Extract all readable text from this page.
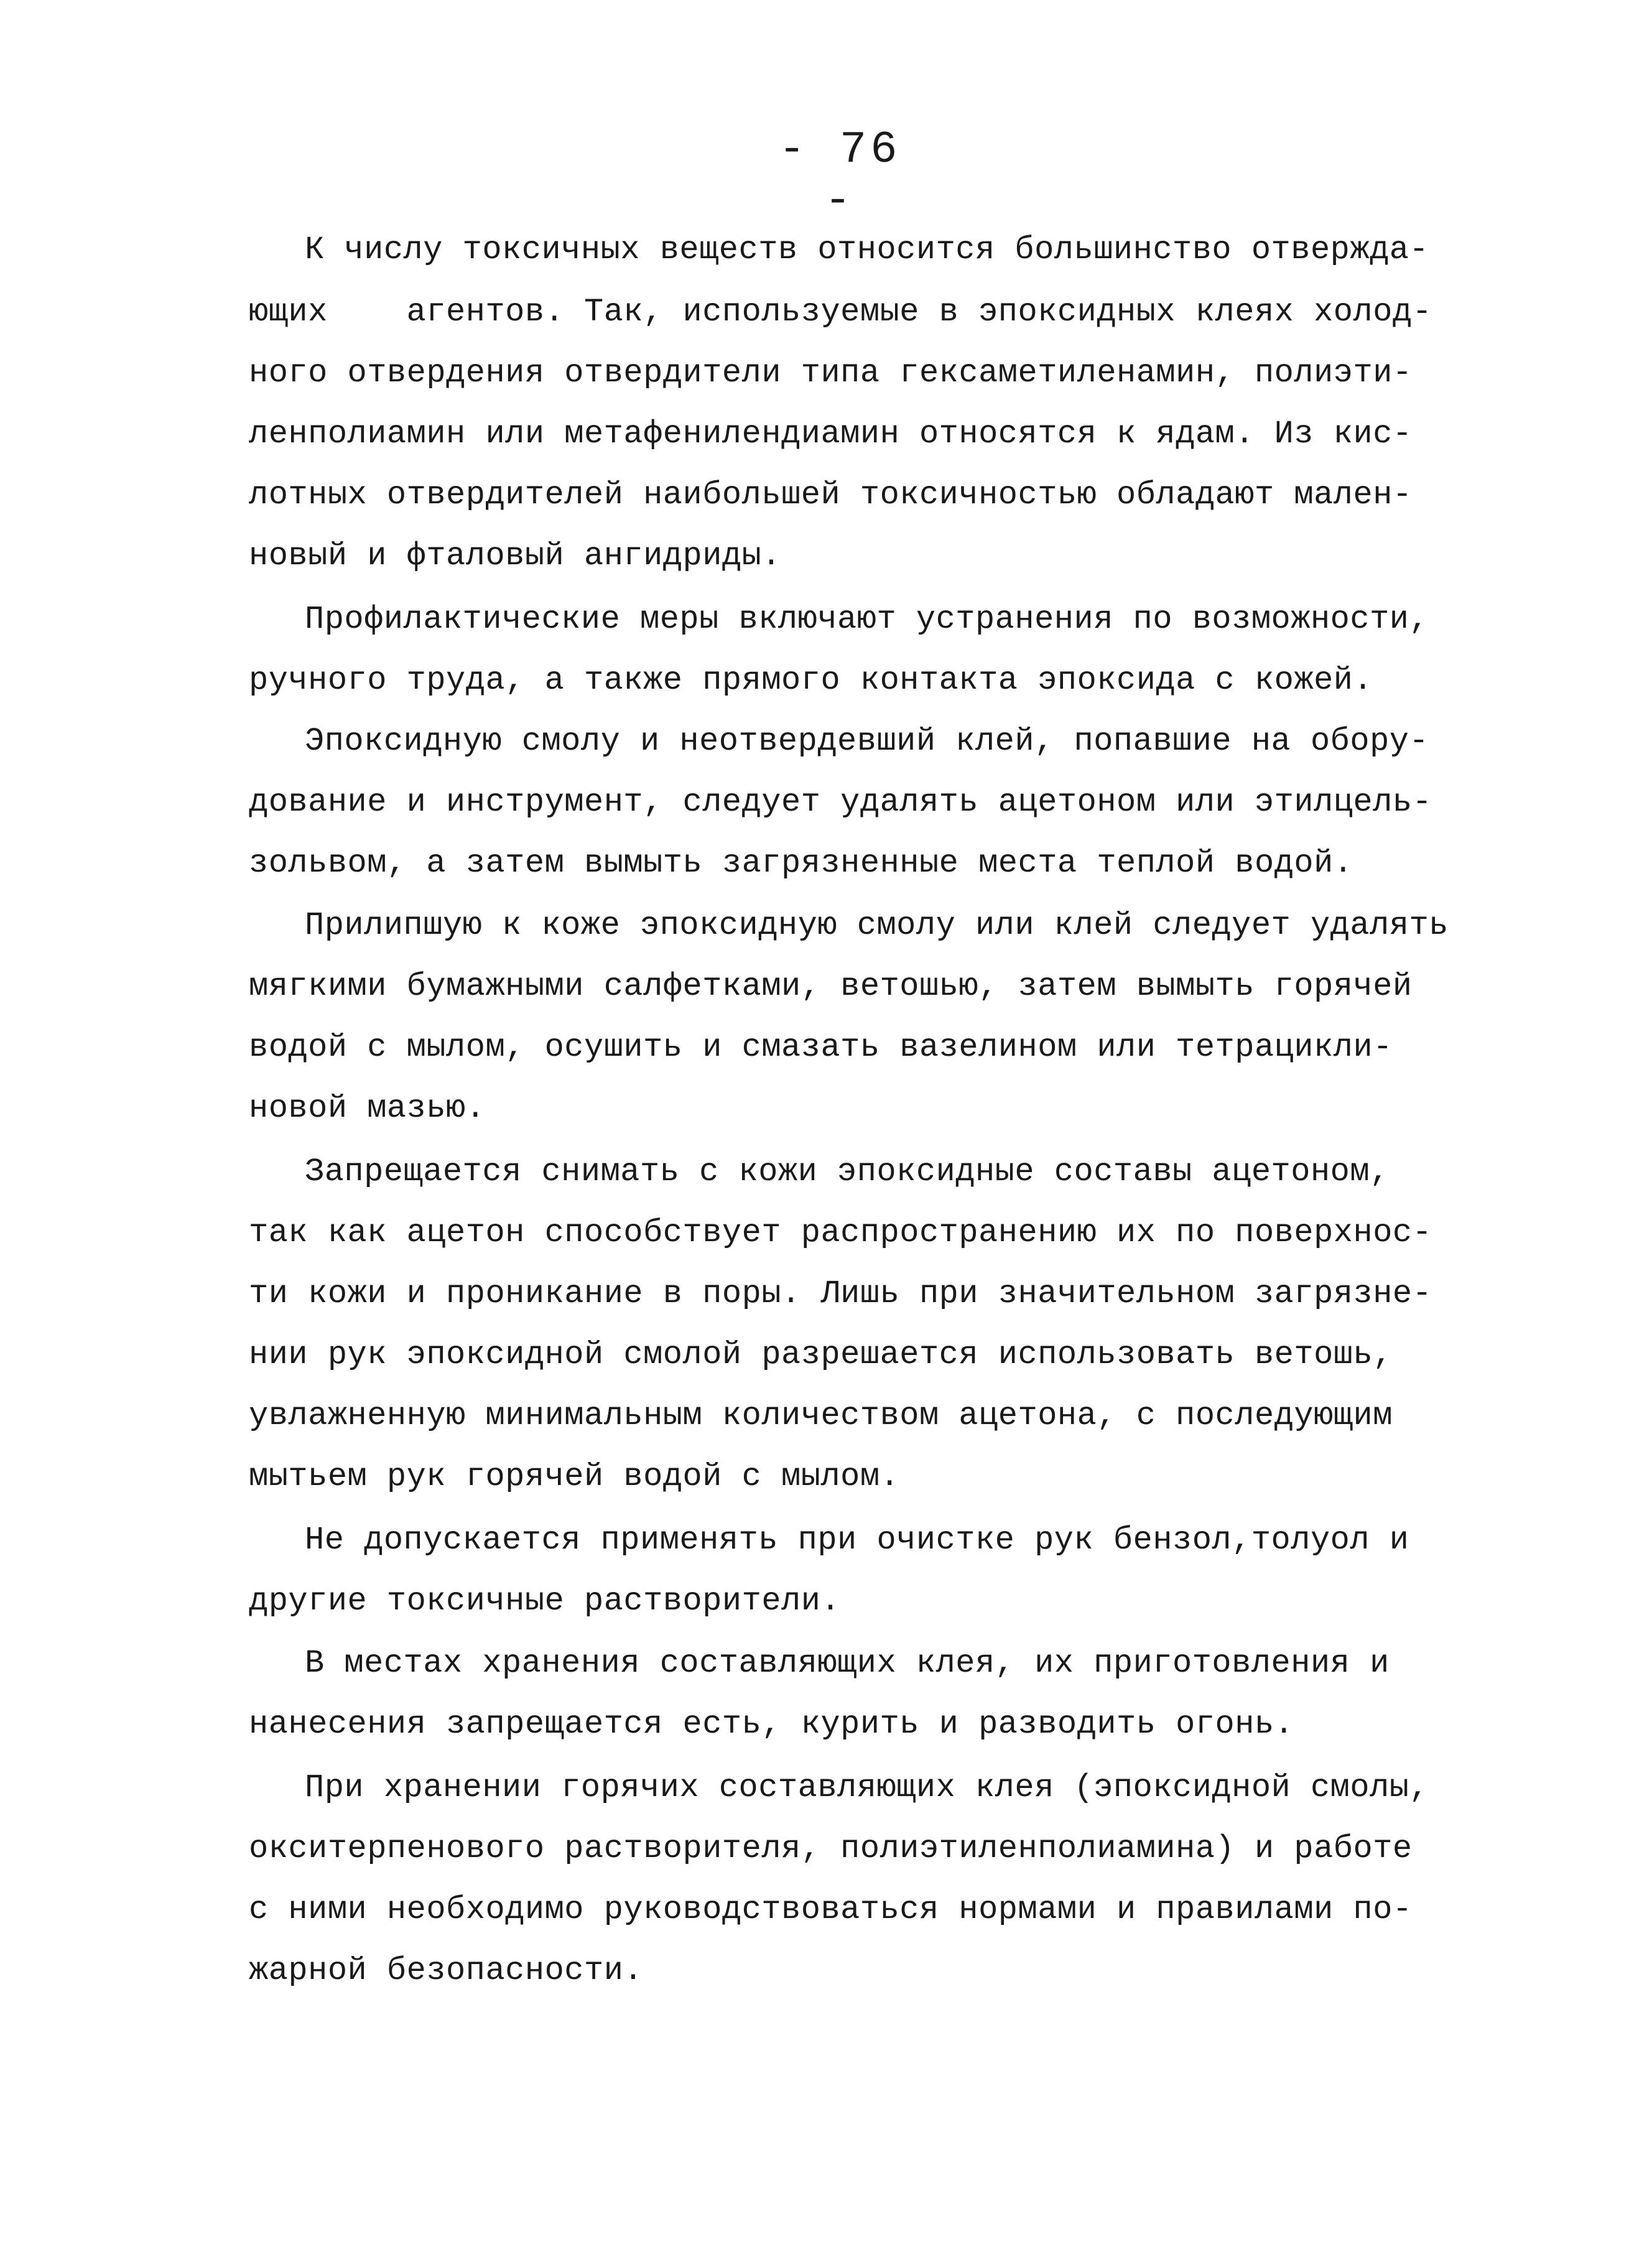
- 76 -
К числу токсичных веществ относится большинство отвержда-
ющих    агентов. Так, используемые в эпоксидных клеях холод-
ного отвердения отвердители типа гексаметиленамин, полиэти-
ленполиамин или метафенилендиамин относятся к ядам. Из кис-
лотных отвердителей наибольшей токсичностью обладают мален-
новый и фталовый ангидриды.
Профилактические меры включают устранения по возможности,
ручного труда, а также прямого контакта эпоксида с кожей.
Эпоксидную смолу и неотвердевший клей, попавшие на обору-
дование и инструмент, следует удалять ацетоном или этилцель-
зольвом, а затем вымыть загрязненные места теплой водой.
Прилипшую к коже эпоксидную смолу или клей следует удалять
мягкими бумажными салфетками, ветошью, затем вымыть горячей
водой с мылом, осушить и смазать вазелином или тетрацикли-
новой мазью.
Запрещается снимать с кожи эпоксидные составы ацетоном,
так как ацетон способствует распространению их по поверхнос-
ти кожи и проникание в поры. Лишь при значительном загрязне-
нии рук эпоксидной смолой разрешается использовать ветошь,
увлажненную минимальным количеством ацетона, с последующим
мытьем рук горячей водой с мылом.
Не допускается применять при очистке рук бензол,толуол и
другие токсичные растворители.
В местах хранения составляющих клея, их приготовления и
нанесения запрещается есть, курить и разводить огонь.
При хранении горячих составляющих клея (эпоксидной смолы,
окситерпенового растворителя, полиэтиленполиамина) и работе
с ними необходимо руководствоваться нормами и правилами по-
жарной безопасности.
